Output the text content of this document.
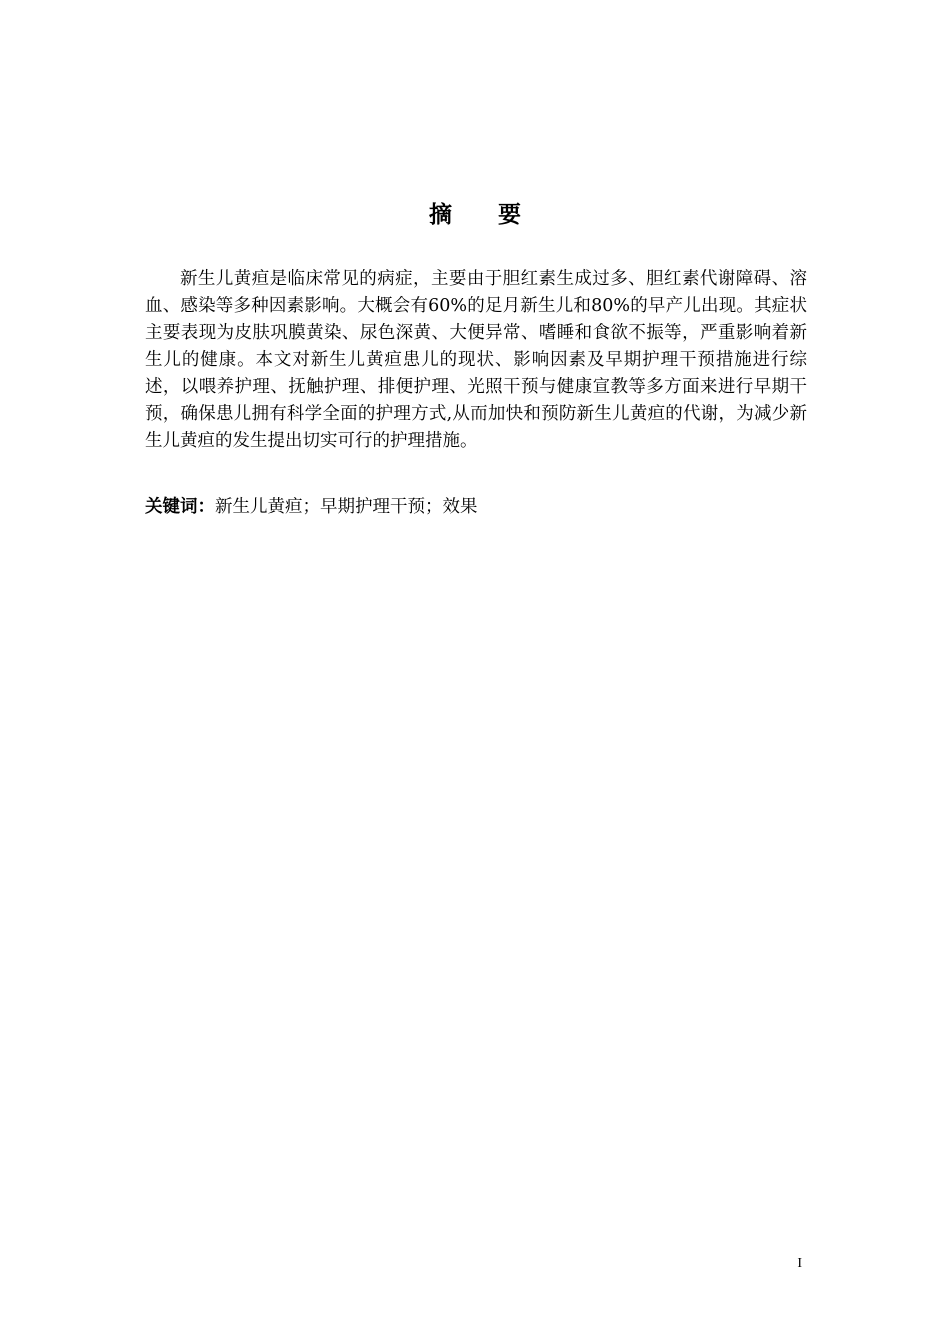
摘要

新生儿黄疸是临床常见的病症，主要由于胆红素生成过多、胆红素代谢障碍、溶血、感染等多种因素影响。大概会有60%的足月新生儿和80%的早产儿出现。其症状主要表现为皮肤巩膜黄染、尿色深黄、大便异常、嗜睡和食欲不振等，严重影响着新生儿的健康。本文对新生儿黄疸患儿的现状、影响因素及早期护理干预措施进行综述，以喂养护理、抚触护理、排便护理、光照干预与健康宣教等多方面来进行早期干预，确保患儿拥有科学全面的护理方式,从而加快和预防新生儿黄疸的代谢，为减少新生儿黄疸的发生提出切实可行的护理措施。

关键词：新生儿黄疸；早期护理干预；效果

I
